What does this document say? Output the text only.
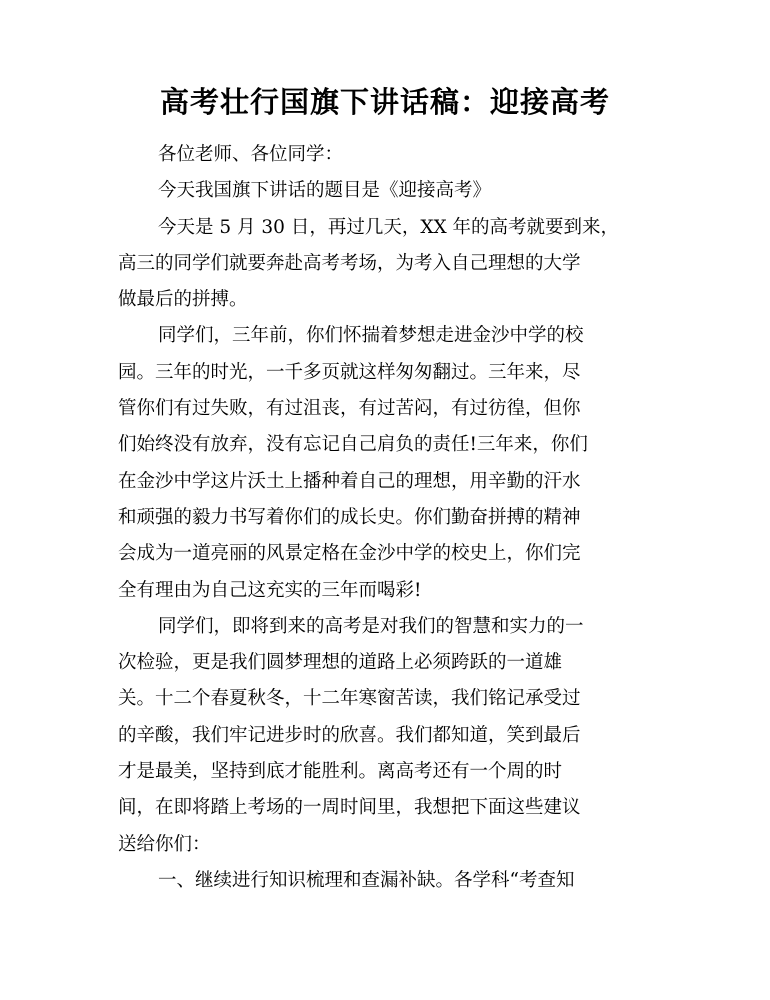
高考壮行国旗下讲话稿：迎接高考
各位老师、各位同学：
今天我国旗下讲话的题目是《迎接高考》
今天是 5 月 30 日，再过几天，XX 年的高考就要到来，
高三的同学们就要奔赴高考考场，为考入自己理想的大学
做最后的拼搏。
同学们，三年前，你们怀揣着梦想走进金沙中学的校
园。三年的时光，一千多页就这样匆匆翻过。三年来，尽
管你们有过失败，有过沮丧，有过苦闷，有过彷徨，但你
们始终没有放弃，没有忘记自己肩负的责任!三年来，你们
在金沙中学这片沃土上播种着自己的理想，用辛勤的汗水
和顽强的毅力书写着你们的成长史。你们勤奋拼搏的精神
会成为一道亮丽的风景定格在金沙中学的校史上，你们完
全有理由为自己这充实的三年而喝彩!
同学们，即将到来的高考是对我们的智慧和实力的一
次检验，更是我们圆梦理想的道路上必须跨跃的一道雄
关。十二个春夏秋冬，十二年寒窗苦读，我们铭记承受过
的辛酸，我们牢记进步时的欣喜。我们都知道，笑到最后
才是最美，坚持到底才能胜利。离高考还有一个周的时
间，在即将踏上考场的一周时间里，我想把下面这些建议
送给你们：
一、继续进行知识梳理和查漏补缺。各学科“考查知
